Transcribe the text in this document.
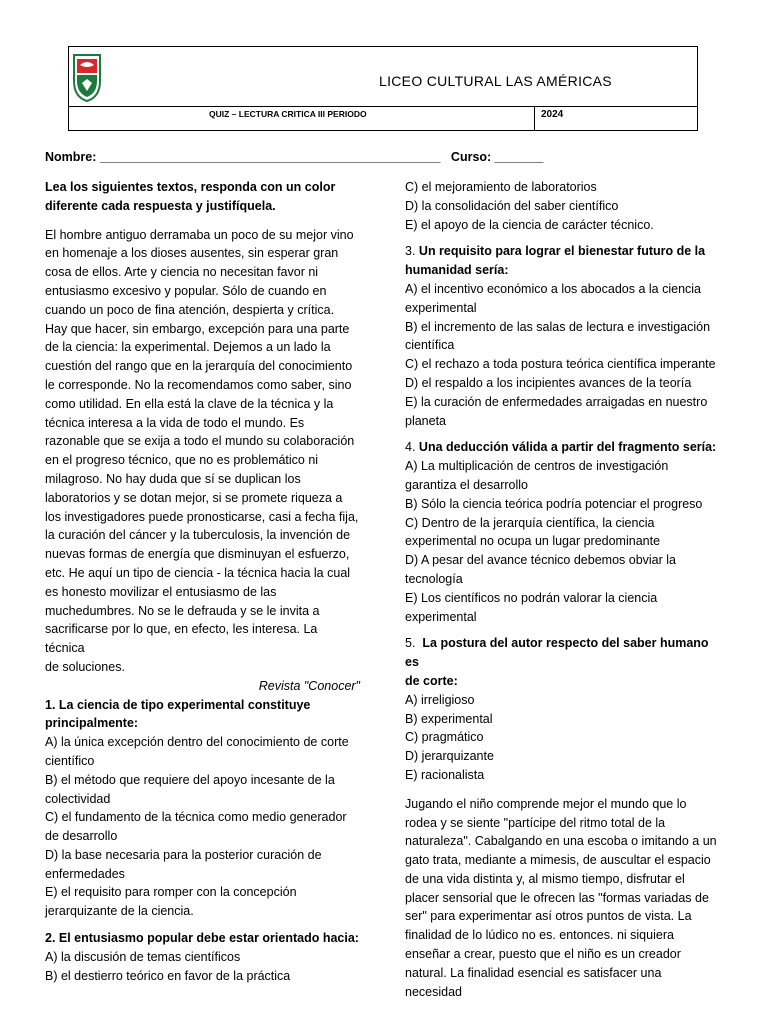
LICEO CULTURAL LAS AMÉRICAS
QUIZ – LECTURA CRITICA III PERIODO	2024
Nombre: _________________________________________________   Curso: _______

Lea los siguientes textos, responda con un color
diferente cada respuesta y justifíquela.

El hombre antiguo derramaba un poco de su mejor vino
en homenaje a los dioses ausentes, sin esperar gran
cosa de ellos. Arte y ciencia no necesitan favor ni
entusiasmo excesivo y popular. Sólo de cuando en
cuando un poco de fina atención, despierta y crítica.
Hay que hacer, sin embargo, excepción para una parte
de la ciencia: la experimental. Dejemos a un lado la
cuestión del rango que en la jerarquía del conocimiento
le corresponde. No la recomendamos como saber, sino
como utilidad. En ella está la clave de la técnica y la
técnica interesa a la vida de todo el mundo. Es
razonable que se exija a todo el mundo su colaboración
en el progreso técnico, que no es problemático ni
milagroso. No hay duda que sí se duplican los
laboratorios y se dotan mejor, si se promete riqueza a
los investigadores puede pronosticarse, casi a fecha fija,
la curación del cáncer y la tuberculosis, la invención de
nuevas formas de energía que disminuyan el esfuerzo,
etc. He aquí un tipo de ciencia - la técnica hacia la cual
es honesto movilizar el entusiasmo de las
muchedumbres. No se le defrauda y se le invita a
sacrificarse por lo que, en efecto, les interesa. La técnica
de soluciones.

Revista "Conocer"

1. La ciencia de tipo experimental constituye
principalmente:

A) la única excepción dentro del conocimiento de corte
científico

B) el método que requiere del apoyo incesante de la
colectividad

C) el fundamento de la técnica como medio generador
de desarrollo

D) la base necesaria para la posterior curación de
enfermedades

E) el requisito para romper con la concepción
jerarquizante de la ciencia.

2. El entusiasmo popular debe estar orientado hacia:

A) la discusión de temas científicos

B) el destierro teórico en favor de la práctica

C) el mejoramiento de laboratorios

D) la consolidación del saber científico

E) el apoyo de la ciencia de carácter técnico.

3. Un requisito para lograr el bienestar futuro de la
humanidad sería:

A) el incentivo económico a los abocados a la ciencia
experimental

B) el incremento de las salas de lectura e investigación
científica

C) el rechazo a toda postura teórica científica imperante

D) el respaldo a los incipientes avances de la teoría

E) la curación de enfermedades arraigadas en nuestro
planeta

4. Una deducción válida a partir del fragmento sería:

A) La multiplicación de centros de investigación
garantiza el desarrollo

B) Sólo la ciencia teórica podría potenciar el progreso

C) Dentro de la jerarquía científica, la ciencia
experimental no ocupa un lugar predominante

D) A pesar del avance técnico debemos obviar la
tecnología

E) Los científicos no podrán valorar la ciencia
experimental

5. La postura del autor respecto del saber humano es
de corte:

A) irreligioso

B) experimental

C) pragmático

D) jerarquizante

E) racionalista

Jugando el niño comprende mejor el mundo que lo
rodea y se siente "partícipe del ritmo total de la
naturaleza". Cabalgando en una escoba o imitando a un
gato trata, mediante a mimesis, de auscultar el espacio
de una vida distinta y, al mismo tiempo, disfrutar el
placer sensorial que le ofrecen las "formas variadas de
ser" para experimentar así otros puntos de vista. La
finalidad de lo lúdico no es. entonces. ni siquiera
enseñar a crear, puesto que el niño es un creador
natural. La finalidad esencial es satisfacer una necesidad
